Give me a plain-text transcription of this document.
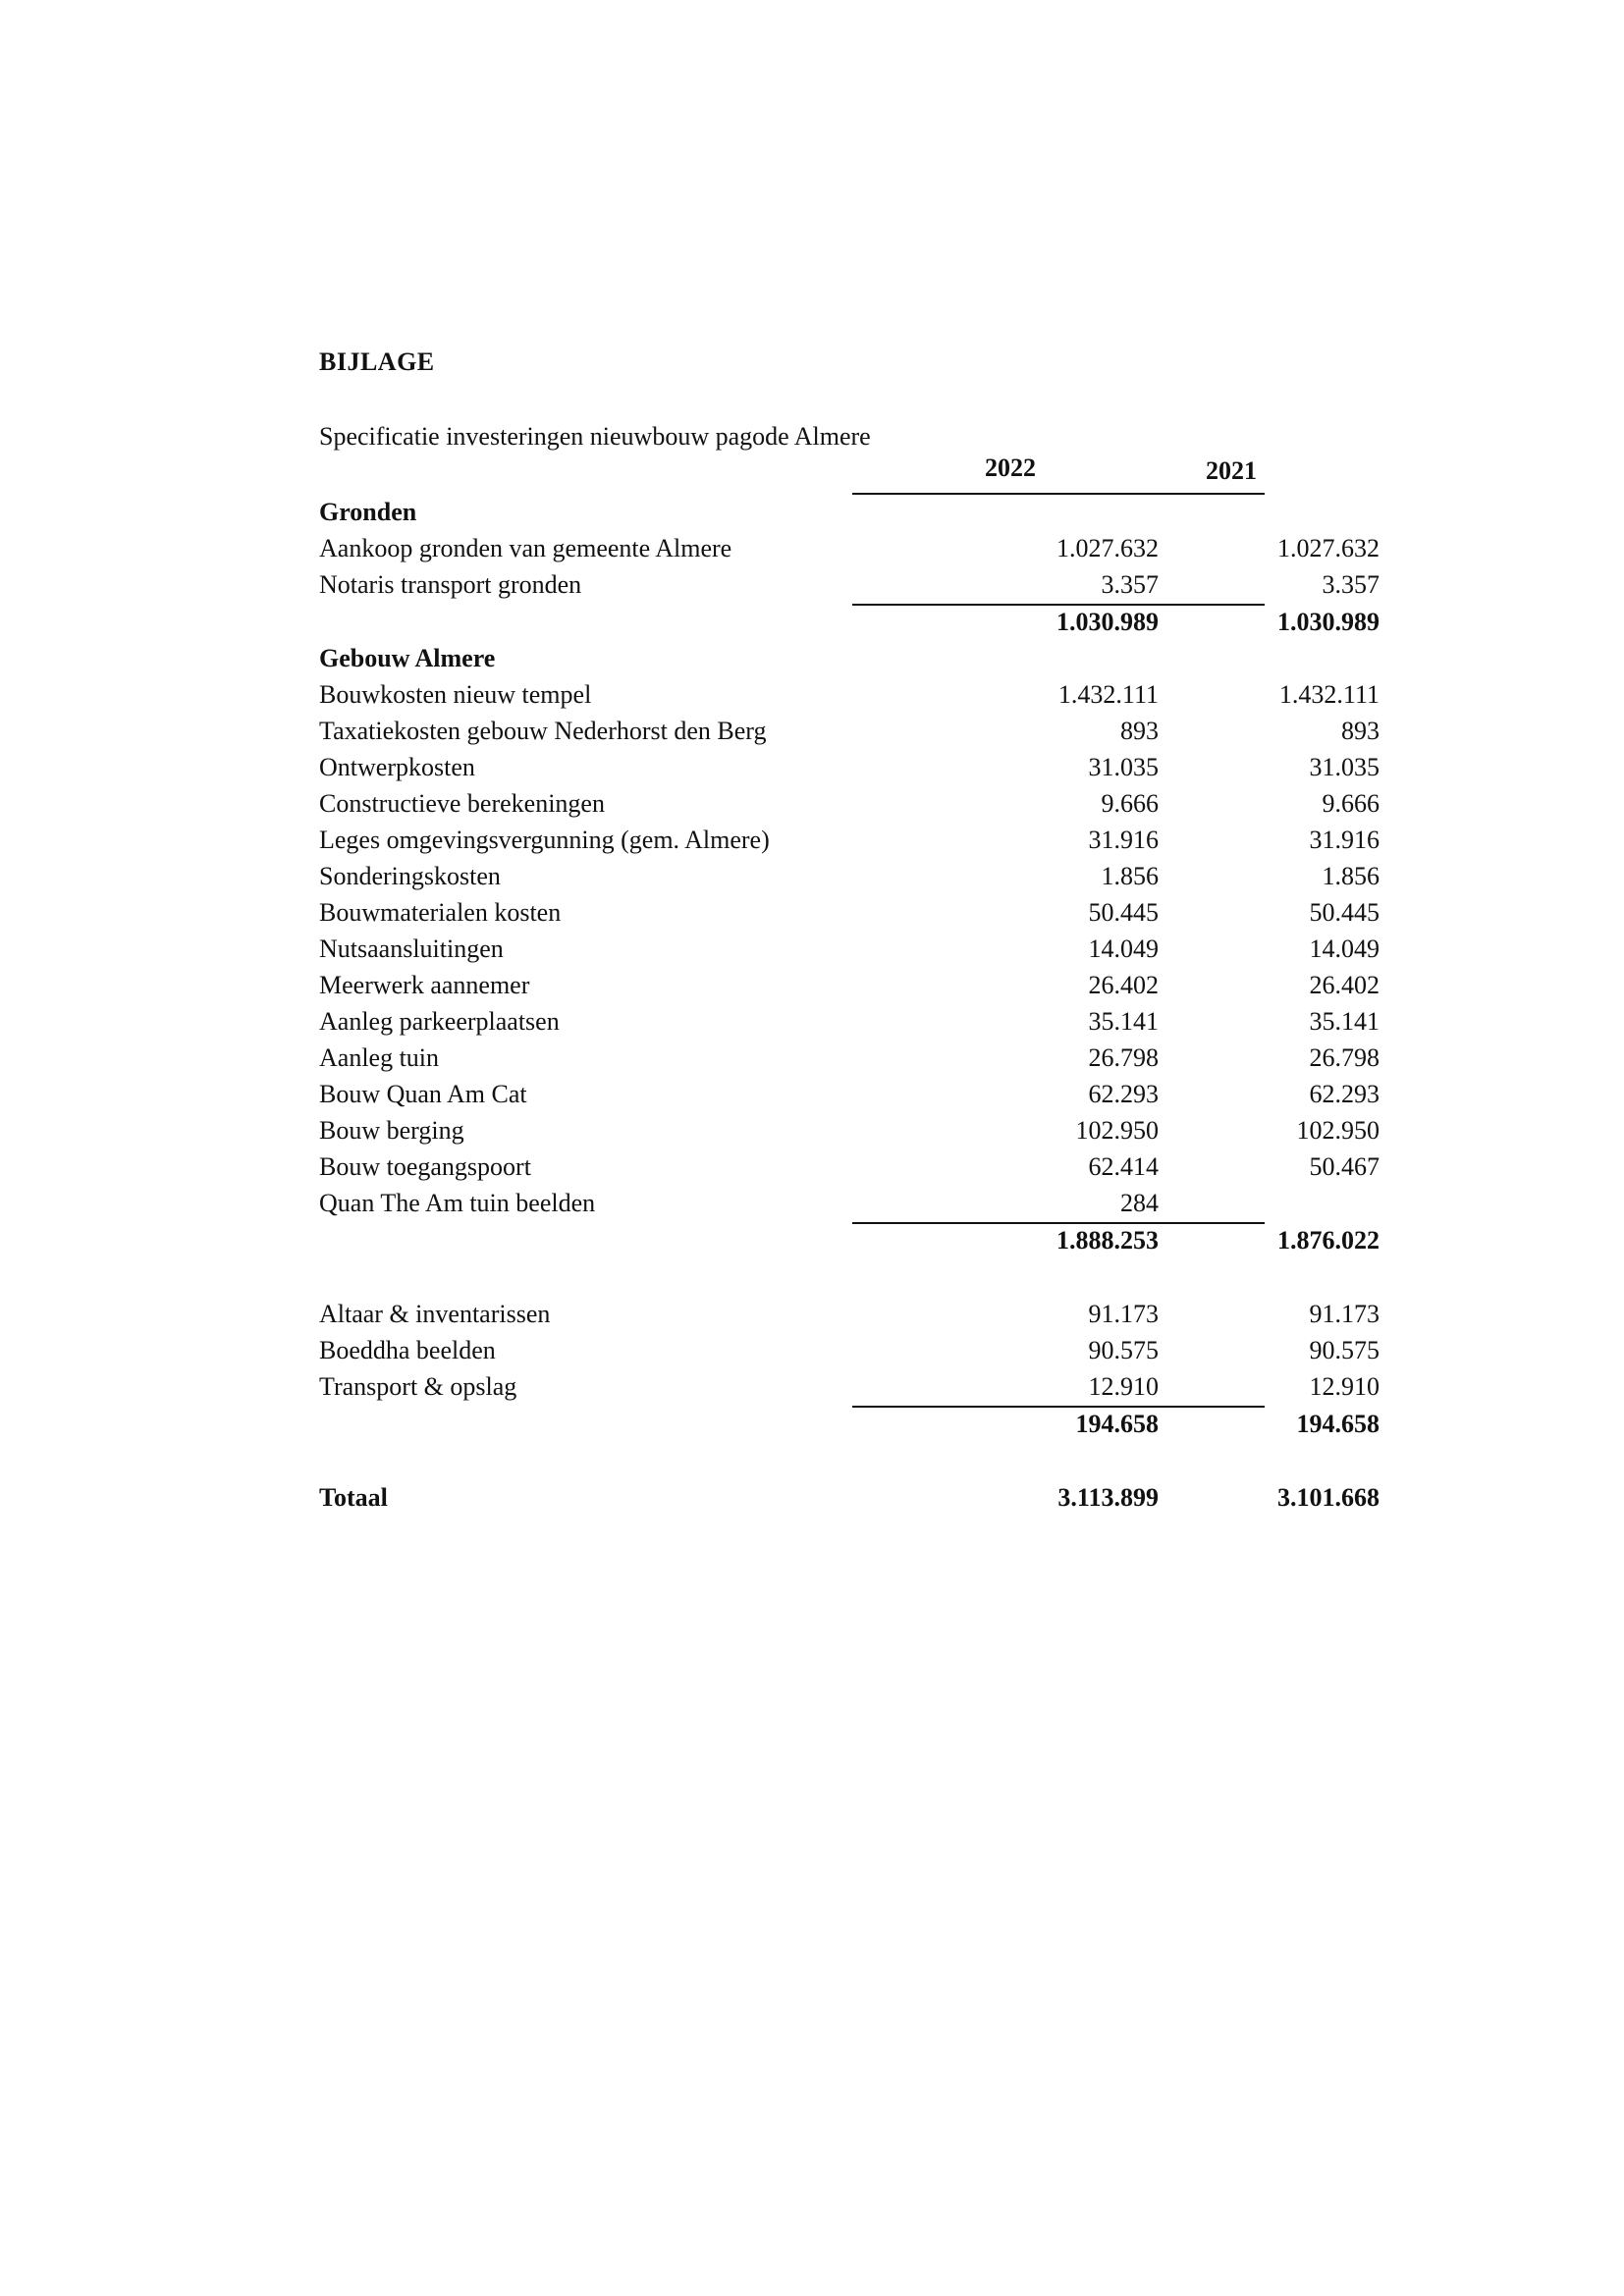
BIJLAGE
Specificatie investeringen nieuwbouw pagode Almere
2022	2021
Gronden
Aankoop gronden van gemeente Almere	1.027.632	1.027.632
Notaris transport gronden	3.357	3.357
1.030.989	1.030.989
Gebouw Almere
Bouwkosten nieuw tempel	1.432.111	1.432.111
Taxatiekosten gebouw Nederhorst den Berg	893	893
Ontwerpkosten	31.035	31.035
Constructieve berekeningen	9.666	9.666
Leges omgevingsvergunning (gem. Almere)	31.916	31.916
Sonderingskosten	1.856	1.856
Bouwmaterialen kosten	50.445	50.445
Nutsaansluitingen	14.049	14.049
Meerwerk aannemer	26.402	26.402
Aanleg parkeerplaatsen	35.141	35.141
Aanleg tuin	26.798	26.798
Bouw Quan Am Cat	62.293	62.293
Bouw berging	102.950	102.950
Bouw toegangspoort	62.414	50.467
Quan The Am tuin beelden	284
1.888.253	1.876.022
Altaar & inventarissen	91.173	91.173
Boeddha beelden	90.575	90.575
Transport & opslag	12.910	12.910
194.658	194.658
Totaal	3.113.899	3.101.668
